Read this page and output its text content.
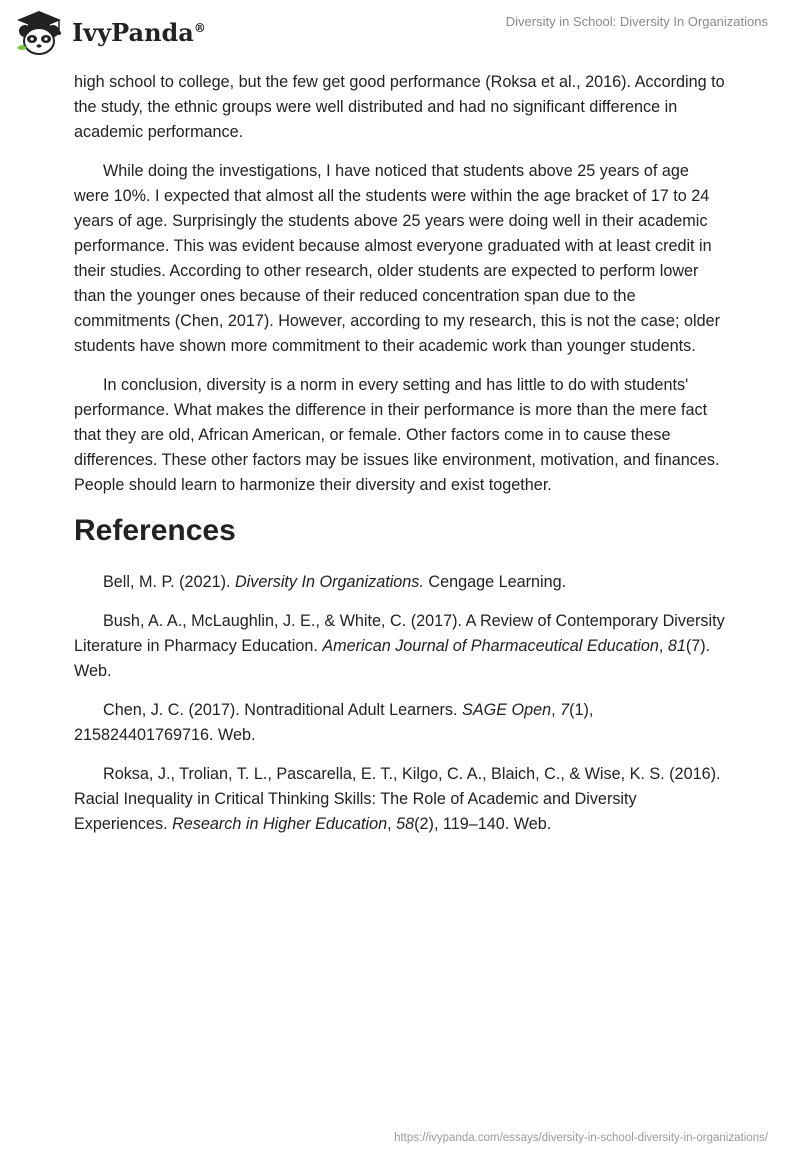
IvyPanda®	Diversity in School: Diversity In Organizations

high school to college, but the few get good performance (Roksa et al., 2016). According to the study, the ethnic groups were well distributed and had no significant difference in academic performance.

While doing the investigations, I have noticed that students above 25 years of age were 10%. I expected that almost all the students were within the age bracket of 17 to 24 years of age. Surprisingly the students above 25 years were doing well in their academic performance. This was evident because almost everyone graduated with at least credit in their studies. According to other research, older students are expected to perform lower than the younger ones because of their reduced concentration span due to the commitments (Chen, 2017). However, according to my research, this is not the case; older students have shown more commitment to their academic work than younger students.

In conclusion, diversity is a norm in every setting and has little to do with students' performance. What makes the difference in their performance is more than the mere fact that they are old, African American, or female. Other factors come in to cause these differences. These other factors may be issues like environment, motivation, and finances. People should learn to harmonize their diversity and exist together.

References

Bell, M. P. (2021). Diversity In Organizations. Cengage Learning.

Bush, A. A., McLaughlin, J. E., & White, C. (2017). A Review of Contemporary Diversity Literature in Pharmacy Education. American Journal of Pharmaceutical Education, 81(7). Web.

Chen, J. C. (2017). Nontraditional Adult Learners. SAGE Open, 7(1), 215824401769716. Web.

Roksa, J., Trolian, T. L., Pascarella, E. T., Kilgo, C. A., Blaich, C., & Wise, K. S. (2016). Racial Inequality in Critical Thinking Skills: The Role of Academic and Diversity Experiences. Research in Higher Education, 58(2), 119–140. Web.

https://ivypanda.com/essays/diversity-in-school-diversity-in-organizations/
